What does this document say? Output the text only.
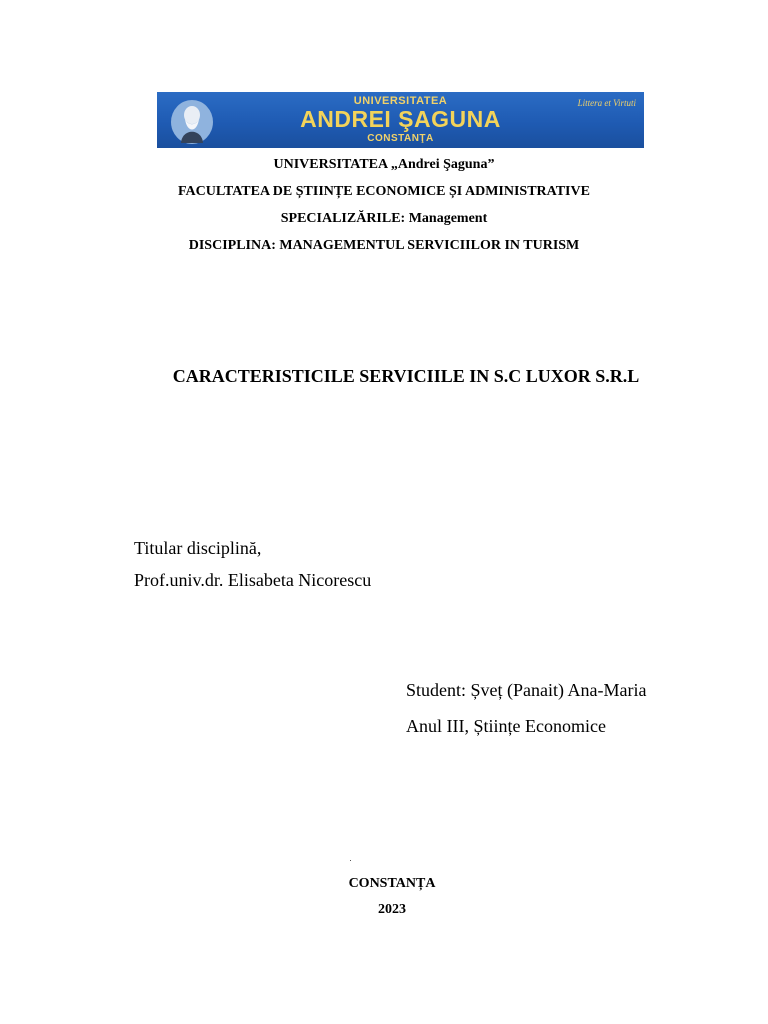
UNIVERSITATEA
ANDREI ŞAGUNA
CONSTANŢA
Littera et Virtuti
UNIVERSITATEA „Andrei Şaguna”
FACULTATEA DE ȘTIINȚE ECONOMICE ȘI ADMINISTRATIVE
SPECIALIZĂRILE: Management
DISCIPLINA: MANAGEMENTUL SERVICIILOR IN TURISM
CARACTERISTICILE SERVICIILE IN S.C LUXOR S.R.L
Titular disciplină,
Prof.univ.dr. Elisabeta Nicorescu
Student: Șveț (Panait) Ana-Maria
Anul III, Științe Economice
CONSTANȚA
2023
